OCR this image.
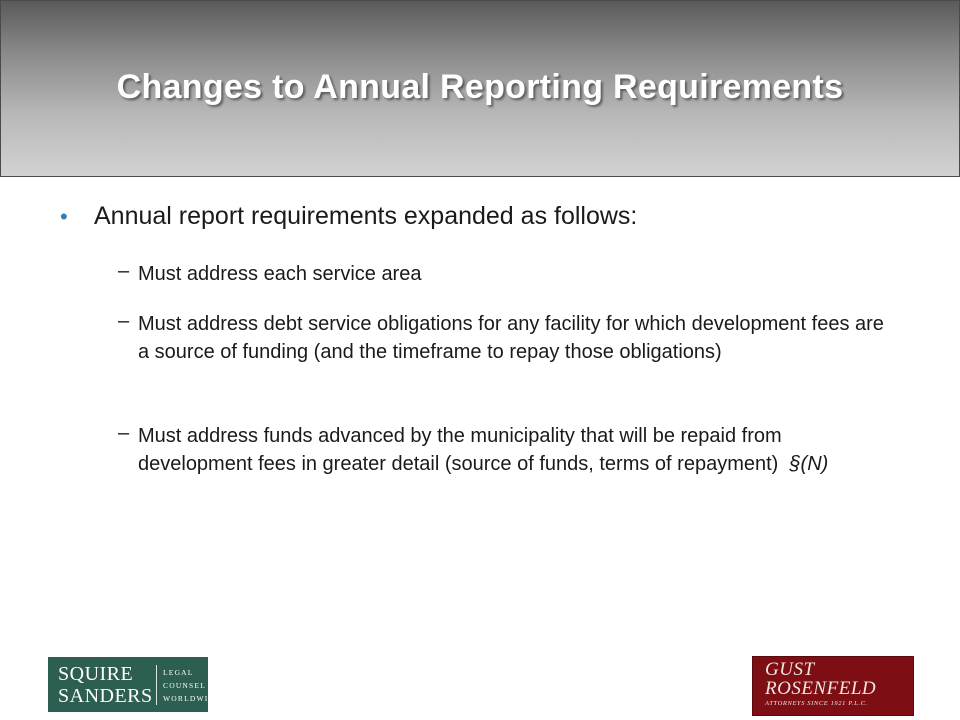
Changes to Annual Reporting Requirements
• Annual report requirements expanded as follows:
– Must address each service area
– Must address debt service obligations for any facility for which development fees are a source of funding (and the timeframe to repay those obligations)
– Must address funds advanced by the municipality that will be repaid from development fees in greater detail (source of funds, terms of repayment)  §(N)
SQUIRE
SANDERS
LEGAL
COUNSEL
WORLDWIDE
GUST
ROSENFELD
ATTORNEYS SINCE 1921 P.L.C.
